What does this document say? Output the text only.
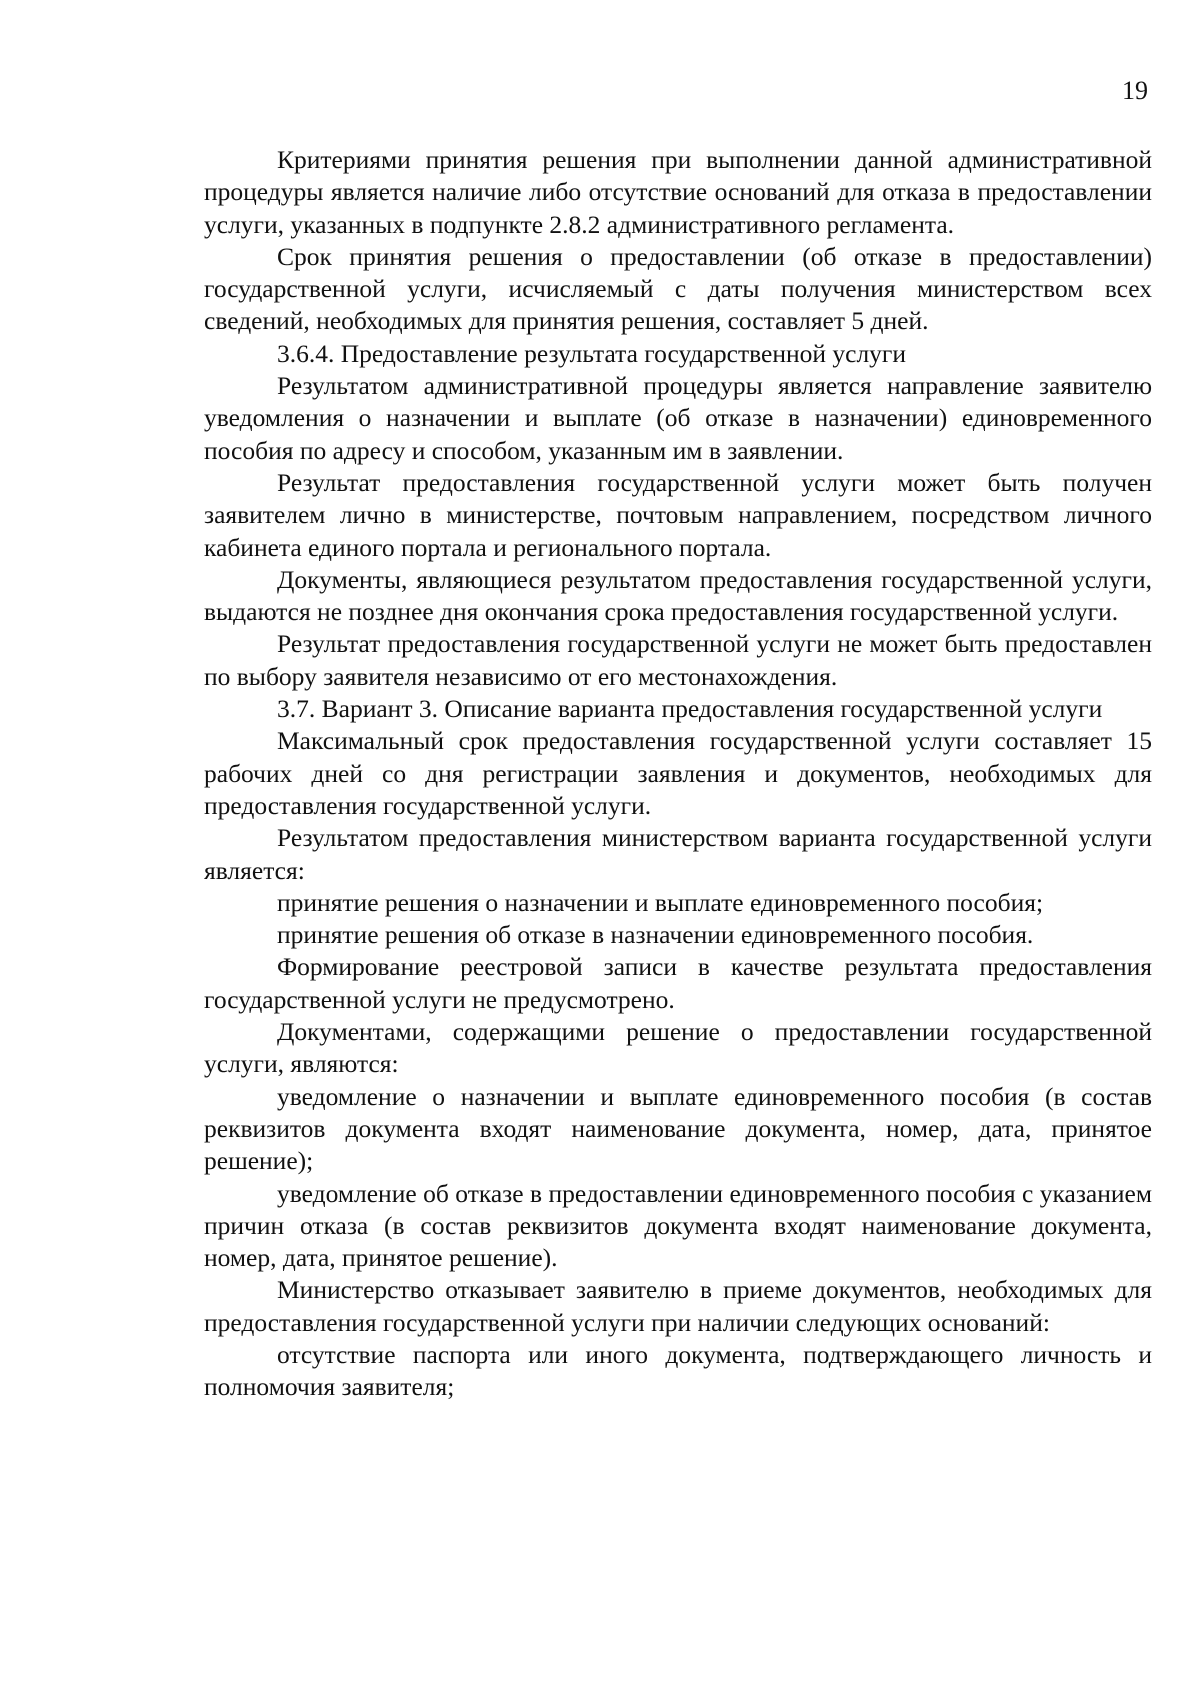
19

Критериями принятия решения при выполнении данной административной процедуры является наличие либо отсутствие оснований для отказа в предоставлении услуги, указанных в подпункте 2.8.2 административного регламента.

Срок принятия решения о предоставлении (об отказе в предоставлении) государственной услуги, исчисляемый с даты получения министерством всех сведений, необходимых для принятия решения, составляет 5 дней.

3.6.4. Предоставление результата государственной услуги

Результатом административной процедуры является направление заявителю уведомления о назначении и выплате (об отказе в назначении) единовременного пособия по адресу и способом, указанным им в заявлении.

Результат предоставления государственной услуги может быть получен заявителем лично в министерстве, почтовым направлением, посредством личного кабинета единого портала и регионального портала.

Документы, являющиеся результатом предоставления государственной услуги, выдаются не позднее дня окончания срока предоставления государственной услуги.

Результат предоставления государственной услуги не может быть предоставлен по выбору заявителя независимо от его местонахождения.

3.7. Вариант 3. Описание варианта предоставления государственной услуги

Максимальный срок предоставления государственной услуги составляет 15 рабочих дней со дня регистрации заявления и документов, необходимых для предоставления государственной услуги.

Результатом предоставления министерством варианта государственной услуги является:

принятие решения о назначении и выплате единовременного пособия;

принятие решения об отказе в назначении единовременного пособия.

Формирование реестровой записи в качестве результата предоставления государственной услуги не предусмотрено.

Документами, содержащими решение о предоставлении государственной услуги, являются:

уведомление о назначении и выплате единовременного пособия (в состав реквизитов документа входят наименование документа, номер, дата, принятое решение);

уведомление об отказе в предоставлении единовременного пособия с указанием причин отказа (в состав реквизитов документа входят наименование документа, номер, дата, принятое решение).

Министерство отказывает заявителю в приеме документов, необходимых для предоставления государственной услуги при наличии следующих оснований:

отсутствие паспорта или иного документа, подтверждающего личность и полномочия заявителя;
